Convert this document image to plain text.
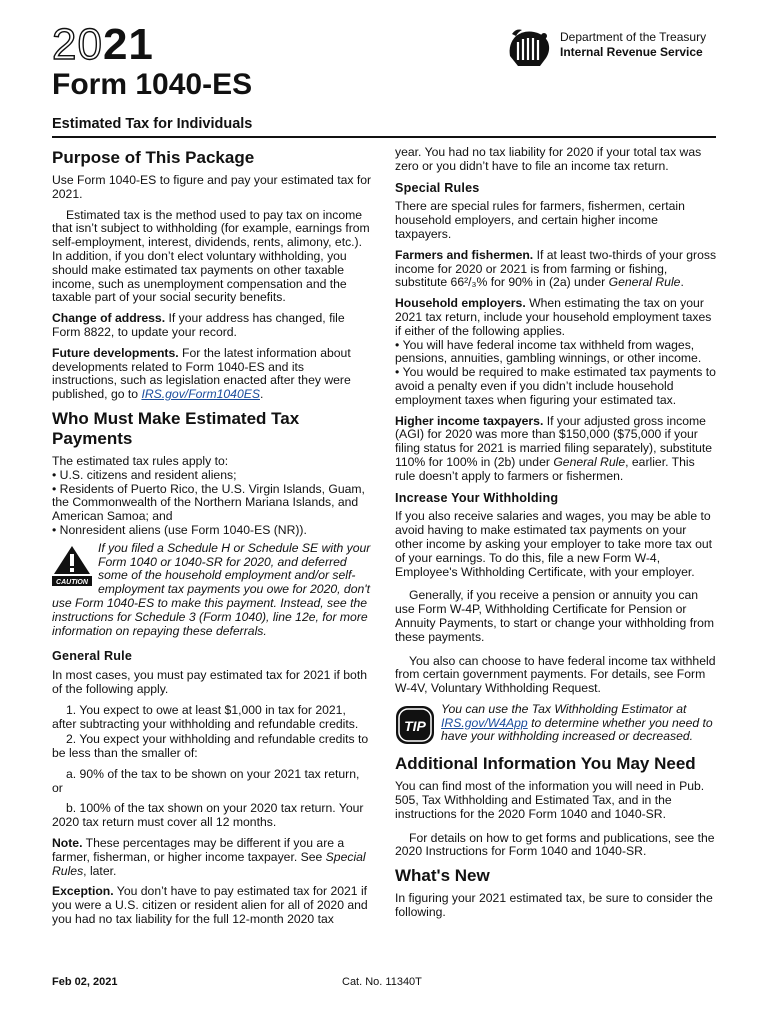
2021
Form 1040-ES
Estimated Tax for Individuals
Department of the Treasury
Internal Revenue Service
Purpose of This Package

Use Form 1040-ES to figure and pay your estimated tax for 2021.

Estimated tax is the method used to pay tax on income that isn’t subject to withholding (for example, earnings from self-employment, interest, dividends, rents, alimony, etc.). In addition, if you don’t elect voluntary withholding, you should make estimated tax payments on other taxable income, such as unemployment compensation and the taxable part of your social security benefits.

Change of address. If your address has changed, file Form 8822, to update your record.

Future developments. For the latest information about developments related to Form 1040-ES and its instructions, such as legislation enacted after they were published, go to IRS.gov/Form1040ES.

Who Must Make Estimated Tax Payments
The estimated tax rules apply to:
• U.S. citizens and resident aliens;
• Residents of Puerto Rico, the U.S. Virgin Islands, Guam, the Commonwealth of the Northern Mariana Islands, and American Samoa; and
• Nonresident aliens (use Form 1040-ES (NR)).
CAUTION
If you filed a Schedule H or Schedule SE with your Form 1040 or 1040-SR for 2020, and deferred some of the household employment and/or self-employment tax payments you owe for 2020, don't use Form 1040-ES to make this payment. Instead, see the instructions for Schedule 3 (Form 1040), line 12e, for more information on repaying these deferrals.
General Rule

In most cases, you must pay estimated tax for 2021 if both of the following apply.

1. You expect to owe at least $1,000 in tax for 2021, after subtracting your withholding and refundable credits.

2. You expect your withholding and refundable credits to be less than the smaller of:

a. 90% of the tax to be shown on your 2021 tax return, or

b. 100% of the tax shown on your 2020 tax return. Your 2020 tax return must cover all 12 months.

Note. These percentages may be different if you are a farmer, fisherman, or higher income taxpayer. See Special Rules, later.

Exception. You don’t have to pay estimated tax for 2021 if you were a U.S. citizen or resident alien for all of 2020 and you had no tax liability for the full 12-month 2020 tax

year. You had no tax liability for 2020 if your total tax was zero or you didn’t have to file an income tax return.

Special Rules

There are special rules for farmers, fishermen, certain household employers, and certain higher income taxpayers.

Farmers and fishermen. If at least two-thirds of your gross income for 2020 or 2021 is from farming or fishing, substitute 66²/₃% for 90% in (2a) under General Rule.

Household employers. When estimating the tax on your 2021 tax return, include your household employment taxes if either of the following applies.
• You will have federal income tax withheld from wages, pensions, annuities, gambling winnings, or other income.
• You would be required to make estimated tax payments to avoid a penalty even if you didn’t include household employment taxes when figuring your estimated tax.

Higher income taxpayers. If your adjusted gross income (AGI) for 2020 was more than $150,000 ($75,000 if your filing status for 2021 is married filing separately), substitute 110% for 100% in (2b) under General Rule, earlier. This rule doesn’t apply to farmers or fishermen.

Increase Your Withholding

If you also receive salaries and wages, you may be able to avoid having to make estimated tax payments on your other income by asking your employer to take more tax out of your earnings. To do this, file a new Form W-4, Employee's Withholding Certificate, with your employer.

Generally, if you receive a pension or annuity you can use Form W-4P, Withholding Certificate for Pension or Annuity Payments, to start or change your withholding from these payments.

You also can choose to have federal income tax withheld from certain government payments. For details, see Form W-4V, Voluntary Withholding Request.

TIP
You can use the Tax Withholding Estimator at IRS.gov/W4App to determine whether you need to have your withholding increased or decreased.
Additional Information You May Need

You can find most of the information you will need in Pub. 505, Tax Withholding and Estimated Tax, and in the instructions for the 2020 Form 1040 and 1040-SR.

For details on how to get forms and publications, see the 2020 Instructions for Form 1040 and 1040-SR.

What's New

In figuring your 2021 estimated tax, be sure to consider the following.

Feb 02, 2021	Cat. No. 11340T
